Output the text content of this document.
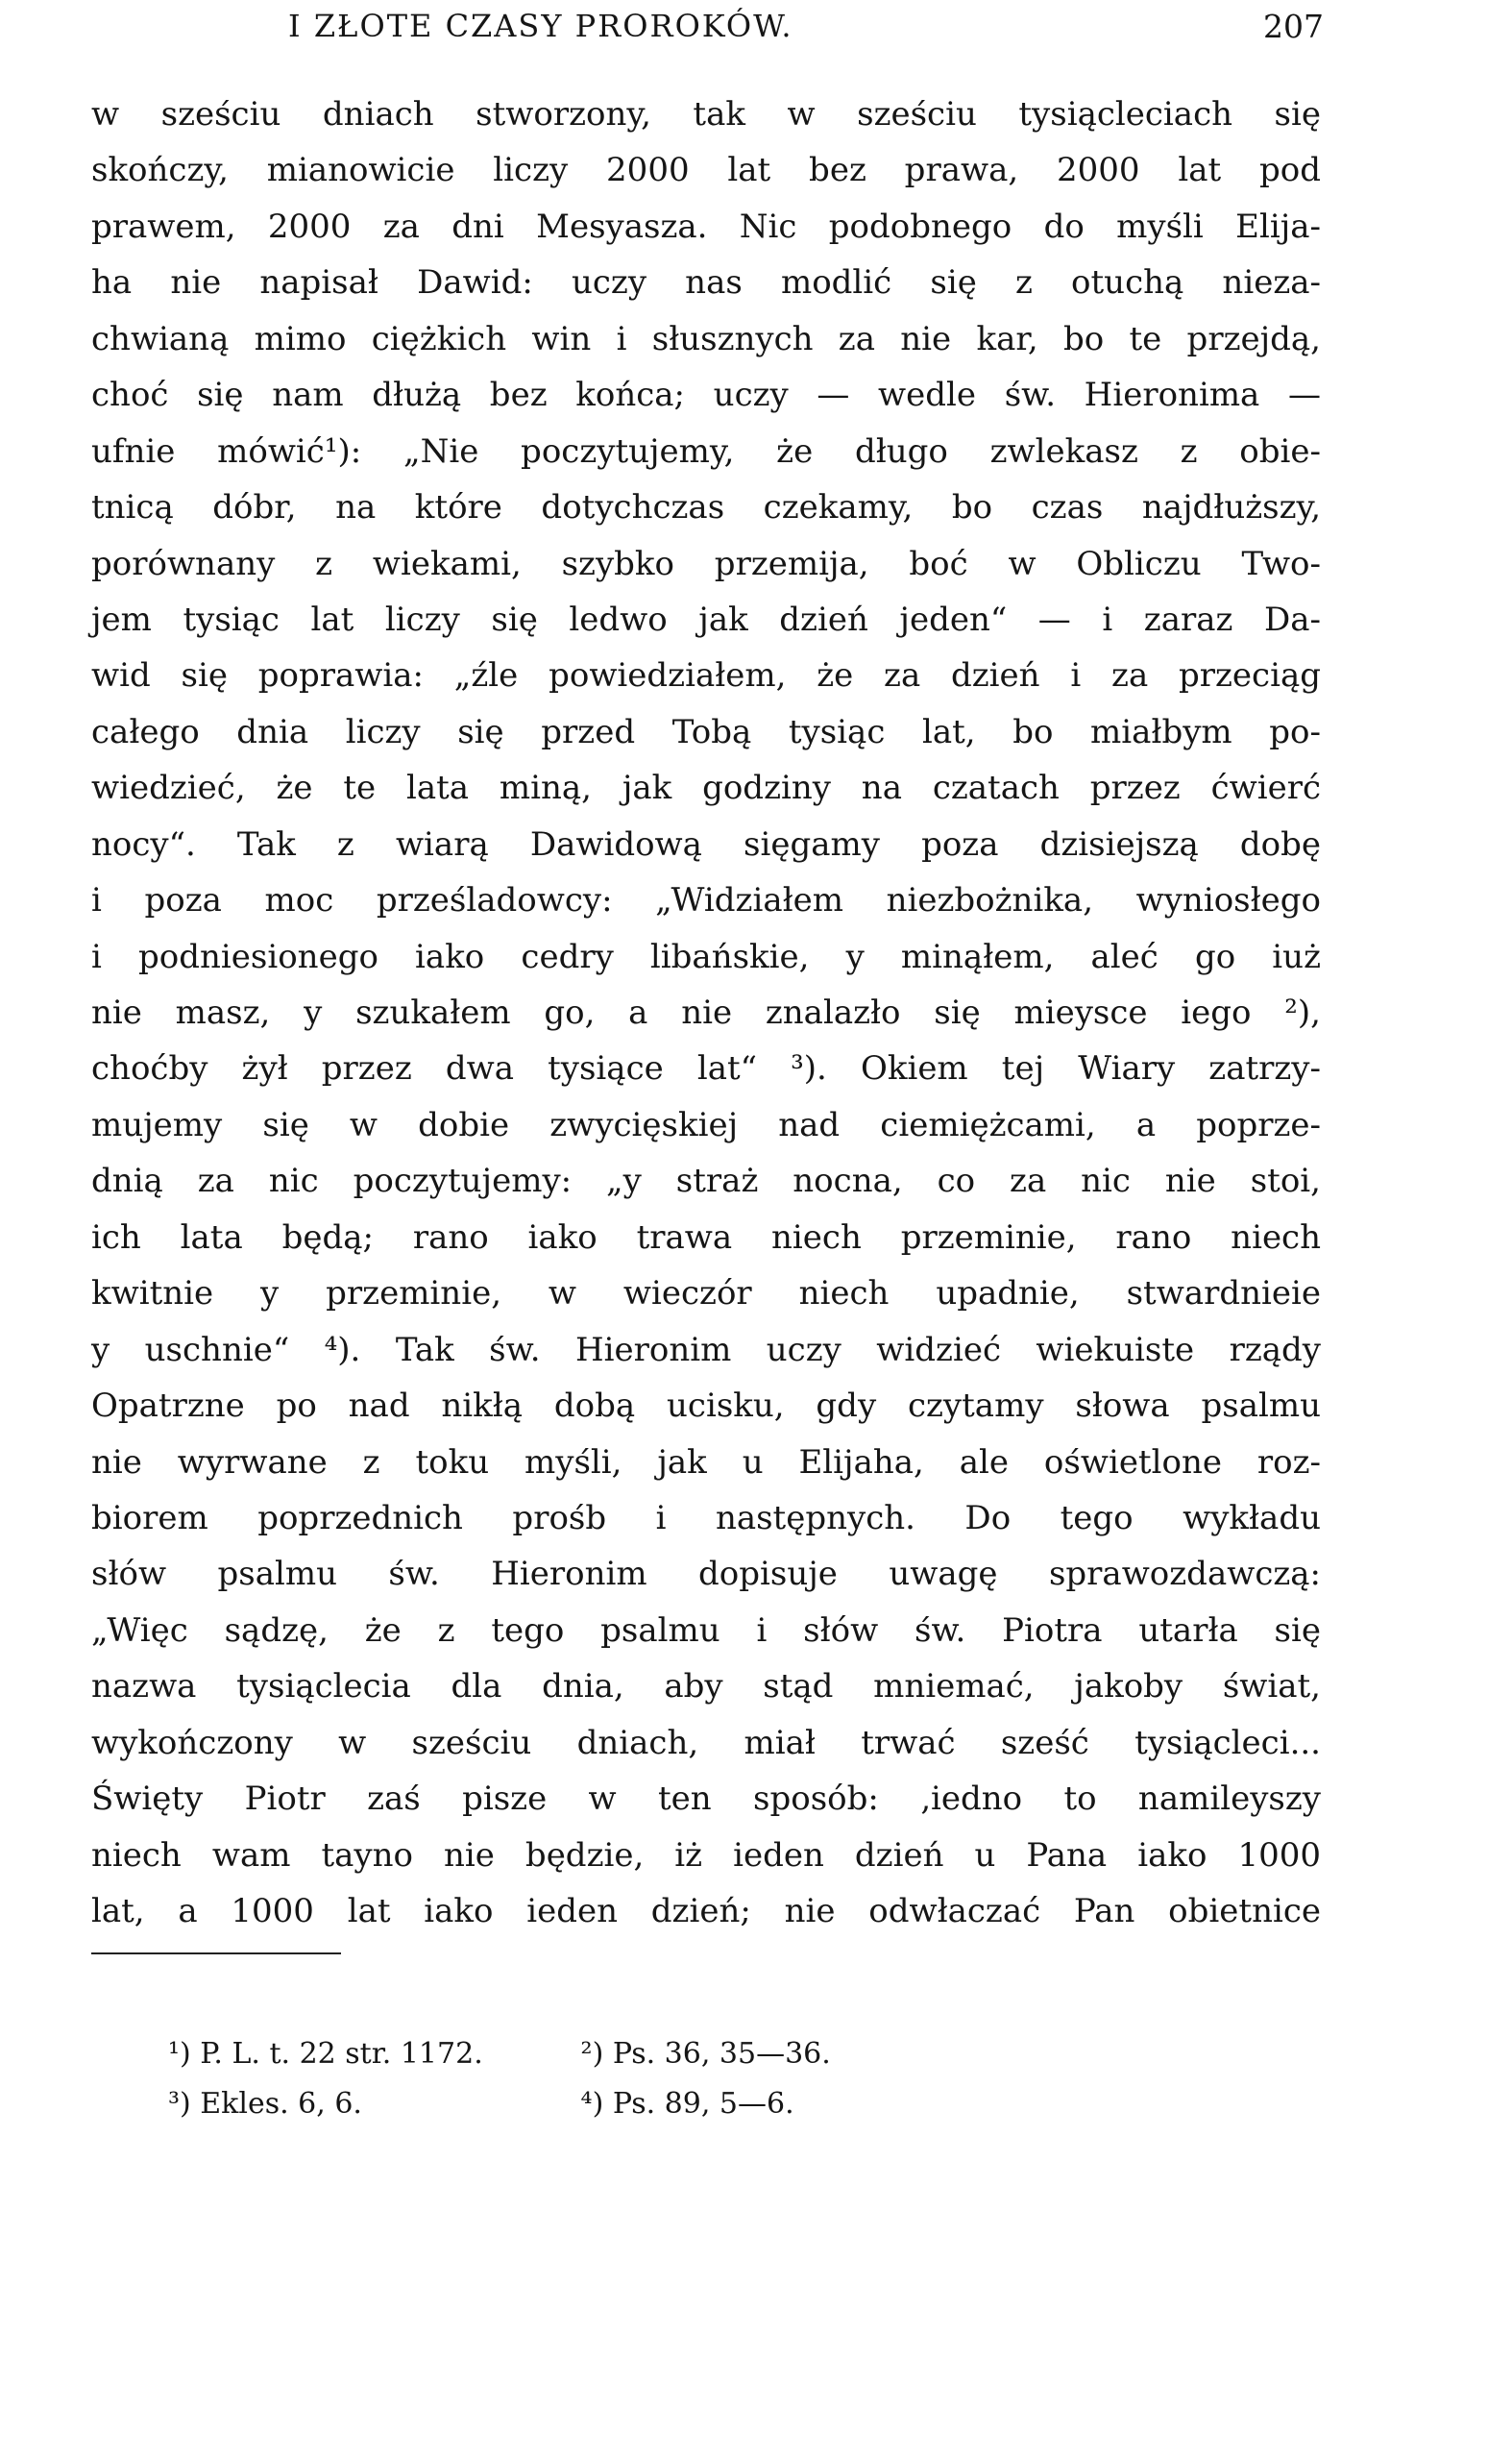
I ZŁOTE CZASY PROROKÓW.	207
w sześciu dniach stworzony, tak w sześciu tysiącleciach się
skończy, mianowicie liczy 2000 lat bez prawa, 2000 lat pod
prawem, 2000 za dni Mesyasza. Nic podobnego do myśli Elija-
ha nie napisał Dawid: uczy nas modlić się z otuchą nieza-
chwianą mimo ciężkich win i słusznych za nie kar, bo te przejdą,
choć się nam dłużą bez końca; uczy — wedle św. Hieronima —
ufnie mówić¹): „Nie poczytujemy, że długo zwlekasz z obie-
tnicą dóbr, na które dotychczas czekamy, bo czas najdłuższy,
porównany z wiekami, szybko przemija, boć w Obliczu Two-
jem tysiąc lat liczy się ledwo jak dzień jeden“ — i zaraz Da-
wid się poprawia: „źle powiedziałem, że za dzień i za przeciąg
całego dnia liczy się przed Tobą tysiąc lat, bo miałbym po-
wiedzieć, że te lata miną, jak godziny na czatach przez ćwierć
nocy“. Tak z wiarą Dawidową sięgamy poza dzisiejszą dobę
i poza moc prześladowcy: „Widziałem niezbożnika, wyniosłego
i podniesionego iako cedry libańskie, y minąłem, aleć go iuż
nie masz, y szukałem go, a nie znalazło się mieysce iego ²),
choćby żył przez dwa tysiące lat“ ³). Okiem tej Wiary zatrzy-
mujemy się w dobie zwycięskiej nad ciemiężcami, a poprze-
dnią za nic poczytujemy: „y straż nocna, co za nic nie stoi,
ich lata będą; rano iako trawa niech przeminie, rano niech
kwitnie y przeminie, w wieczór niech upadnie, stwardnieie
y uschnie“ ⁴). Tak św. Hieronim uczy widzieć wiekuiste rządy
Opatrzne po nad nikłą dobą ucisku, gdy czytamy słowa psalmu
nie wyrwane z toku myśli, jak u Elijaha, ale oświetlone roz-
biorem poprzednich prośb i następnych. Do tego wykładu
słów psalmu św. Hieronim dopisuje uwagę sprawozdawczą:
„Więc sądzę, że z tego psalmu i słów św. Piotra utarła się
nazwa tysiąclecia dla dnia, aby stąd mniemać, jakoby świat,
wykończony w sześciu dniach, miał trwać sześć tysiącleci...
Święty Piotr zaś pisze w ten sposób: ‚iedno to namileyszy
niech wam tayno nie będzie, iż ieden dzień u Pana iako 1000
lat, a 1000 lat iako ieden dzień; nie odwłaczać Pan obietnice
¹) P. L. t. 22 str. 1172.	²) Ps. 36, 35—36.
³) Ekles. 6, 6.	⁴) Ps. 89, 5—6.
